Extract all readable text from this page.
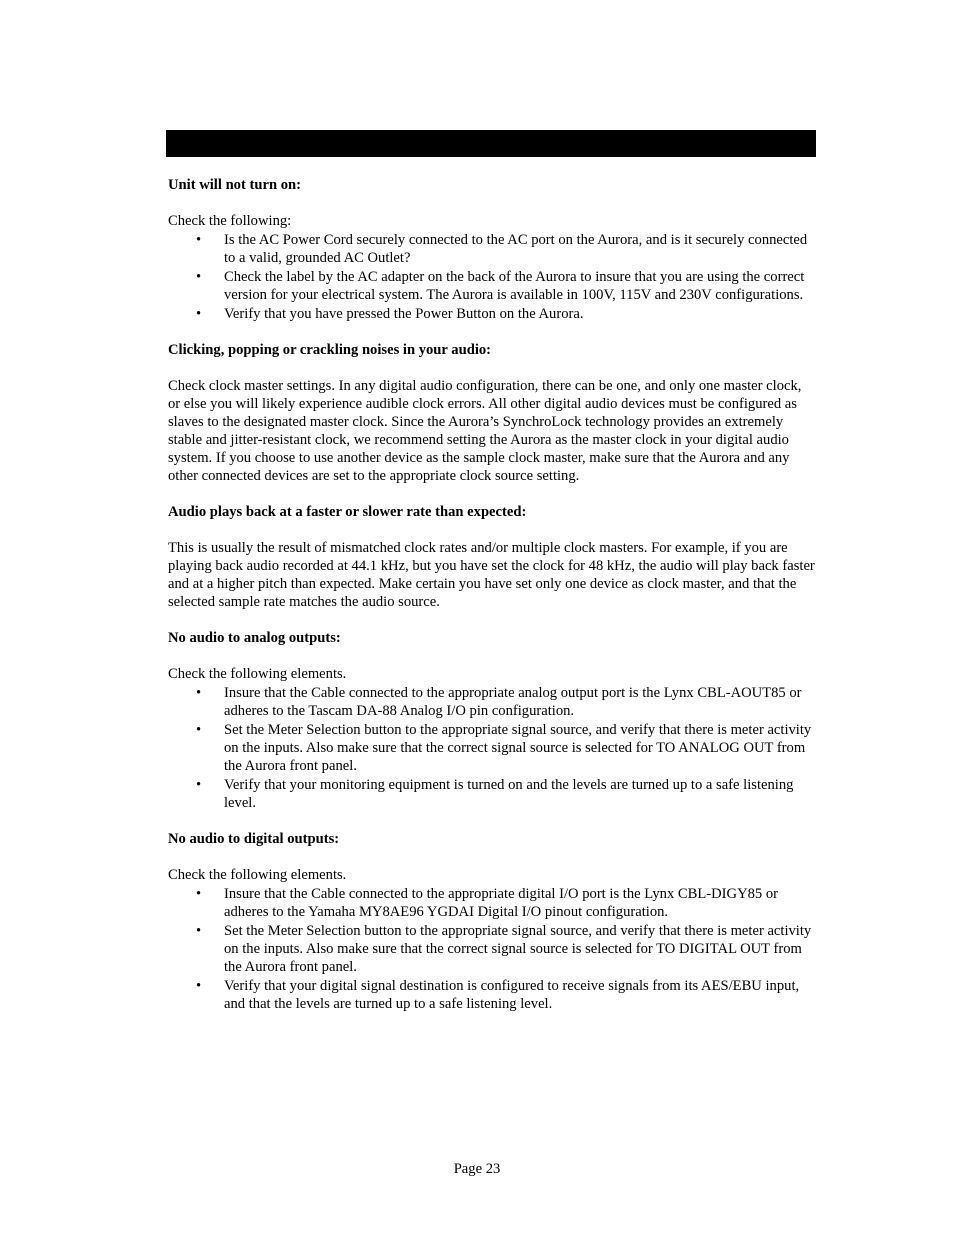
Unit will not turn on:
Check the following:
• Is the AC Power Cord securely connected to the AC port on the Aurora, and is it securely connected to a valid, grounded AC Outlet?
• Check the label by the AC adapter on the back of the Aurora to insure that you are using the correct version for your electrical system. The Aurora is available in 100V, 115V and 230V configurations.
• Verify that you have pressed the Power Button on the Aurora.
Clicking, popping or crackling noises in your audio:
Check clock master settings. In any digital audio configuration, there can be one, and only one master clock, or else you will likely experience audible clock errors. All other digital audio devices must be configured as slaves to the designated master clock. Since the Aurora’s SynchroLock technology provides an extremely stable and jitter-resistant clock, we recommend setting the Aurora as the master clock in your digital audio system. If you choose to use another device as the sample clock master, make sure that the Aurora and any other connected devices are set to the appropriate clock source setting.
Audio plays back at a faster or slower rate than expected:
This is usually the result of mismatched clock rates and/or multiple clock masters. For example, if you are playing back audio recorded at 44.1 kHz, but you have set the clock for 48 kHz, the audio will play back faster and at a higher pitch than expected. Make certain you have set only one device as clock master, and that the selected sample rate matches the audio source.
No audio to analog outputs:
Check the following elements.
• Insure that the Cable connected to the appropriate analog output port is the Lynx CBL-AOUT85 or adheres to the Tascam DA-88 Analog I/O pin configuration.
• Set the Meter Selection button to the appropriate signal source, and verify that there is meter activity on the inputs. Also make sure that the correct signal source is selected for TO ANALOG OUT from the Aurora front panel.
• Verify that your monitoring equipment is turned on and the levels are turned up to a safe listening level.
No audio to digital outputs:
Check the following elements.
• Insure that the Cable connected to the appropriate digital I/O port is the Lynx CBL-DIGY85 or adheres to the Yamaha MY8AE96 YGDAI Digital I/O pinout configuration.
• Set the Meter Selection button to the appropriate signal source, and verify that there is meter activity on the inputs. Also make sure that the correct signal source is selected for TO DIGITAL OUT from the Aurora front panel.
• Verify that your digital signal destination is configured to receive signals from its AES/EBU input, and that the levels are turned up to a safe listening level.
Page 23
